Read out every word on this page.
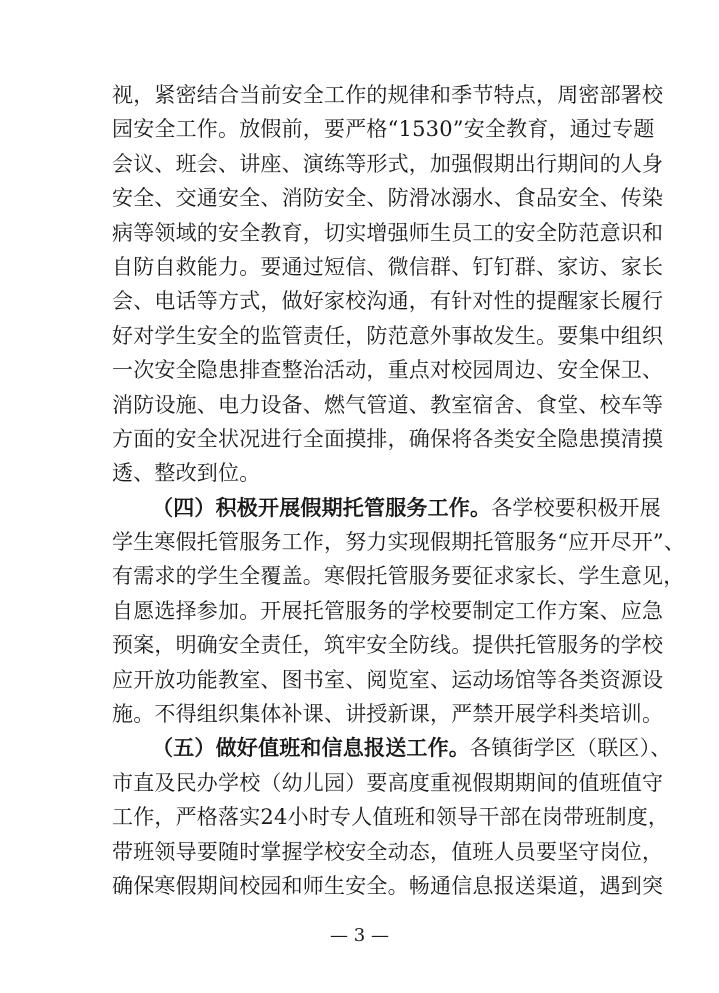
视，紧密结合当前安全工作的规律和季节特点，周密部署校
园安全工作。放假前，要严格“1530”安全教育，通过专题
会议、班会、讲座、演练等形式，加强假期出行期间的人身
安全、交通安全、消防安全、防滑冰溺水、食品安全、传染
病等领域的安全教育，切实增强师生员工的安全防范意识和
自防自救能力。要通过短信、微信群、钉钉群、家访、家长
会、电话等方式，做好家校沟通，有针对性的提醒家长履行
好对学生安全的监管责任，防范意外事故发生。要集中组织
一次安全隐患排查整治活动，重点对校园周边、安全保卫、
消防设施、电力设备、燃气管道、教室宿舍、食堂、校车等
方面的安全状况进行全面摸排，确保将各类安全隐患摸清摸
透、整改到位。
（四）积极开展假期托管服务工作。各学校要积极开展
学生寒假托管服务工作，努力实现假期托管服务“应开尽开”、
有需求的学生全覆盖。寒假托管服务要征求家长、学生意见，
自愿选择参加。开展托管服务的学校要制定工作方案、应急
预案，明确安全责任，筑牢安全防线。提供托管服务的学校
应开放功能教室、图书室、阅览室、运动场馆等各类资源设
施。不得组织集体补课、讲授新课，严禁开展学科类培训。
（五）做好值班和信息报送工作。各镇街学区（联区）、
市直及民办学校（幼儿园）要高度重视假期期间的值班值守
工作，严格落实24小时专人值班和领导干部在岗带班制度，
带班领导要随时掌握学校安全动态，值班人员要坚守岗位，
确保寒假期间校园和师生安全。畅通信息报送渠道，遇到突
— 3 —
